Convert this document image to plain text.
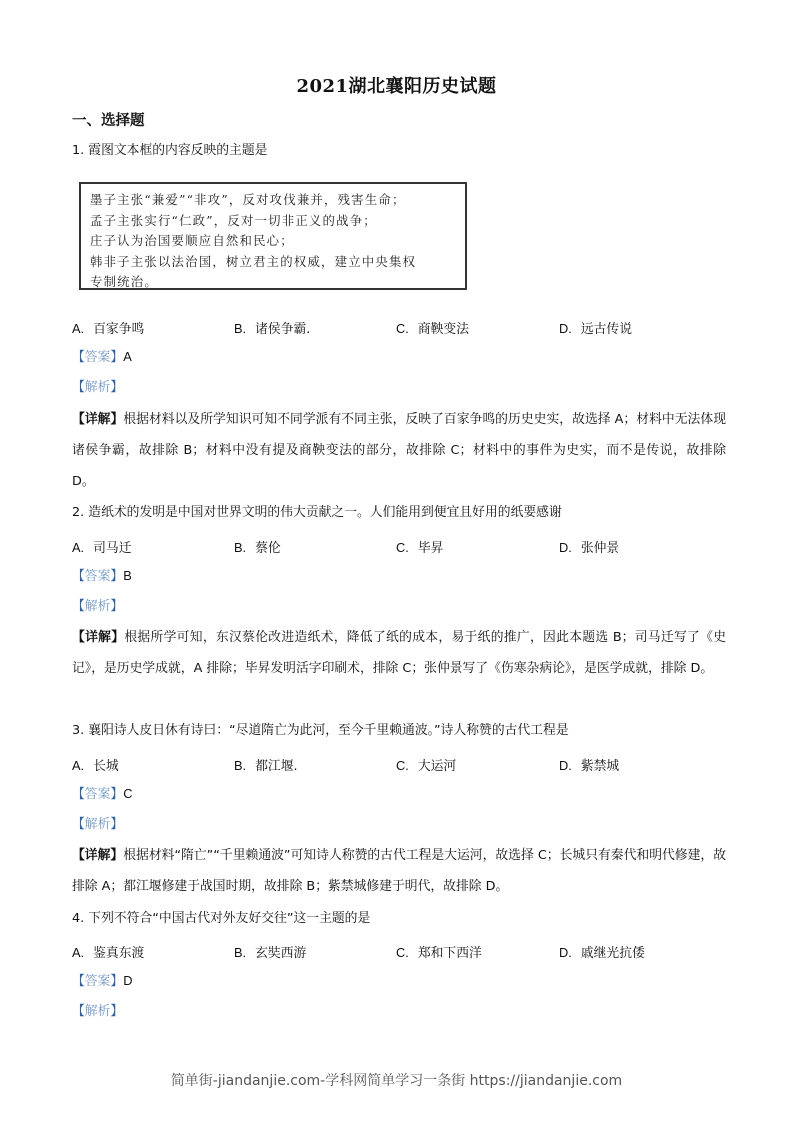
2021湖北襄阳历史试题
一、选择题
1. 霞图文本框的内容反映的主题是
墨子主张“兼爱”“非攻”，反对攻伐兼并，残害生命；
孟子主张实行“仁政”，反对一切非正义的战争；
庄子认为治国要顺应自然和民心；
韩非子主张以法治国，树立君主的权威，建立中央集权
专制统治。
A. 百家争鸣	B. 诸侯争霸.	C. 商鞅变法	D. 远古传说
【答案】A
【解析】
【详解】根据材料以及所学知识可知不同学派有不同主张，反映了百家争鸣的历史史实，故选择 A；材料中无法体现诸侯争霸，故排除 B；材料中没有提及商鞅变法的部分，故排除 C；材料中的事件为史实，而不是传说，故排除 D。
2. 造纸术的发明是中国对世界文明的伟大贡献之一。人们能用到便宜且好用的纸要感谢
A. 司马迁	B. 蔡伦	C. 毕昇	D. 张仲景
【答案】B
【解析】
【详解】根据所学可知，东汉蔡伦改进造纸术，降低了纸的成本，易于纸的推广，因此本题选 B；司马迁写了《史记》，是历史学成就，A 排除；毕昇发明活字印刷术，排除 C；张仲景写了《伤寒杂病论》，是医学成就，排除 D。
3. 襄阳诗人皮日休有诗曰：“尽道隋亡为此河，至今千里赖通波。”诗人称赞的古代工程是
A. 长城	B. 都江堰.	C. 大运河	D. 紫禁城
【答案】C
【解析】
【详解】根据材料“隋亡”“千里赖通波”可知诗人称赞的古代工程是大运河，故选择 C；长城只有秦代和明代修建，故排除 A；都江堰修建于战国时期，故排除 B；紫禁城修建于明代，故排除 D。
4. 下列不符合“中国古代对外友好交往”这一主题的是
A. 鉴真东渡	B. 玄奘西游	C. 郑和下西洋	D. 戚继光抗倭
【答案】D
【解析】
简单街-jiandanjie.com-学科网简单学习一条街 https://jiandanjie.com
